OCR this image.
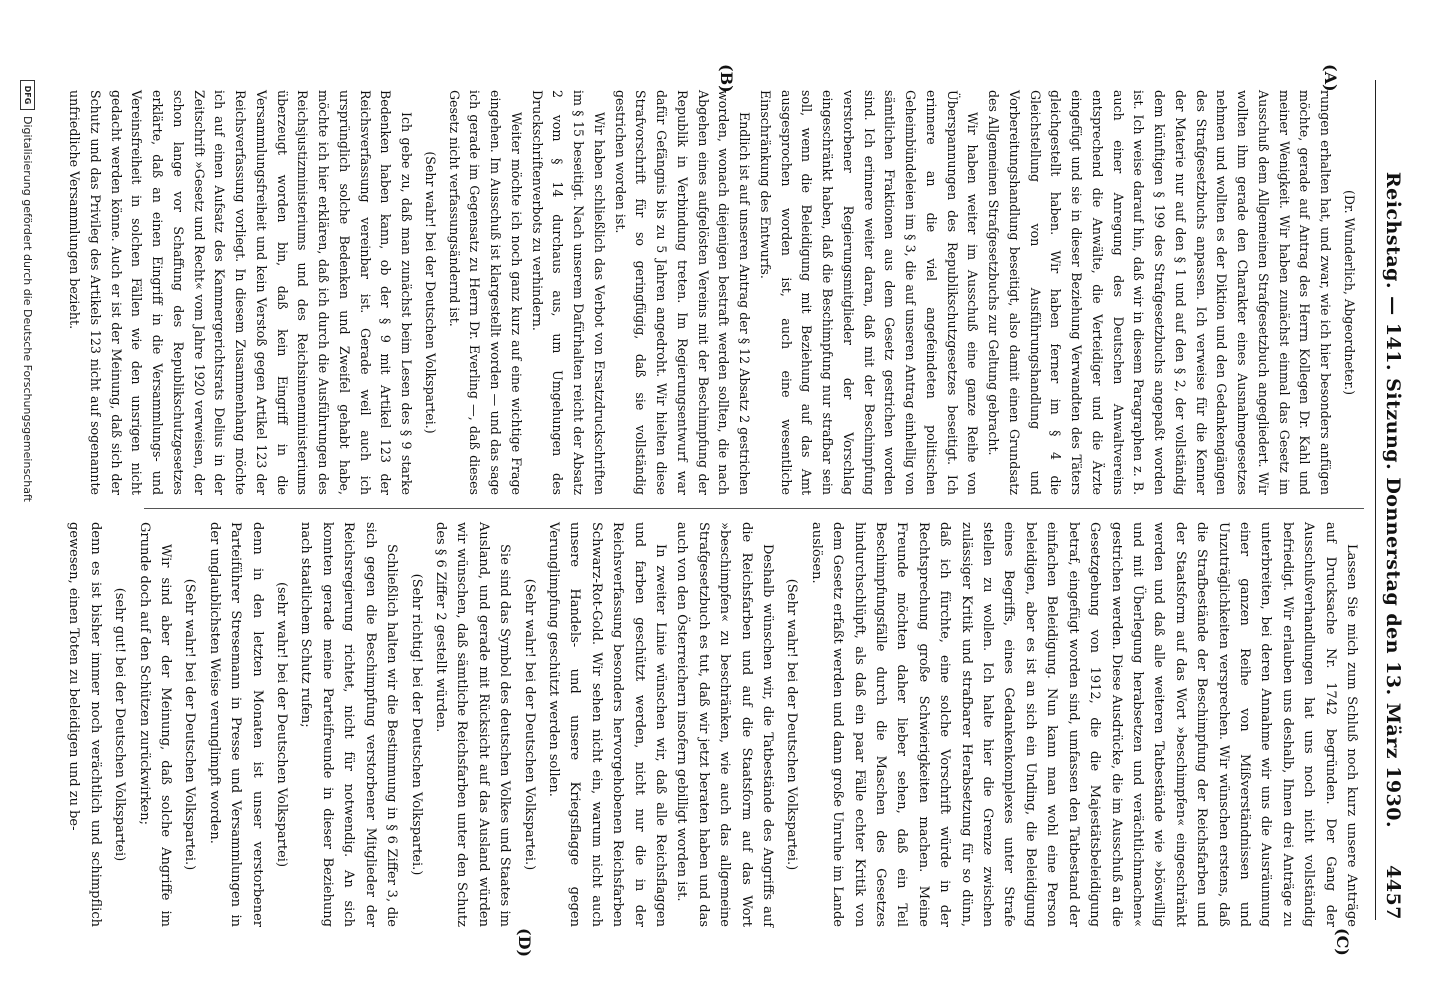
Reichstag. — 141. Sitzung. Donnerstag den 13. März 1930.
4457
(A)
(B)
(C)
(D)

(Dr. Wunderlich, Abgeordneter.)

rungen erhalten hat, und zwar, wie ich hier besonders anfügen möchte, gerade auf Antrag des Herrn Kollegen Dr. Kahl und meiner Wenigkeit. Wir haben zunächst einmal das Gesetz im Ausschuß dem Allgemeinen Strafgesetzbuch angegliedert. Wir wollten ihm gerade den Charakter eines Ausnahmegesetzes nehmen und wollten es der Diktion und den Gedankengängen des Strafgesetzbuchs anpassen. Ich verweise für die Kenner der Materie nur auf den § 1 und auf den § 2, der vollständig dem künftigen § 199 des Strafgesetzbuchs angepaßt worden ist. Ich weise darauf hin, daß wir in diesem Paragraphen z. B. auch einer Anregung des Deutschen Anwaltvereins entsprechend die Anwälte, die Verteidiger und die Ärzte eingefügt und sie in dieser Beziehung Verwandten des Täters gleichgestellt haben. Wir haben ferner im § 4 die Gleichstellung von Ausführungshandlung und Vorbereitungshandlung beseitigt, also damit einen Grundsatz des Allgemeinen Strafgesetzbuchs zur Geltung gebracht.

Wir haben weiter im Ausschuß eine ganze Reihe von Überspannungen des Republikschutzgesetzes beseitigt. Ich erinnere an die viel angefeindeten politischen Geheimbündeleien im § 3, die auf unseren Antrag einhellig von sämtlichen Fraktionen aus dem Gesetz gestrichen worden sind. Ich erinnere weiter daran, daß mit der Beschimpfung verstorbener Regierungsmitglieder der Vorschlag eingeschränkt haben, daß die Beschimpfung nur strafbar sein soll, wenn die Beleidigung mit Beziehung auf das Amt ausgesprochen worden ist, auch eine wesentliche Einschränkung des Entwurfs.

Endlich ist auf unseren Antrag der § 12 Absatz 2 gestrichen worden, wonach diejenigen bestraft werden sollten, die nach Abgehen eines aufgelösten Vereins mit der Beschimpfung der Republik in Verbindung treten. Im Regierungsentwurf war dafür Gefängnis bis zu 5 Jahren angedroht. Wir hielten diese Strafvorschrift für so geringfügig, daß sie vollständig gestrichen worden ist.

Wir haben schließlich das Verbot von Ersatzdruckschriften im § 15 beseitigt. Nach unserem Dafürhalten reicht der Absatz 2 vom § 14 durchaus aus, um Umgehungen des Druckschriftenverbots zu verhindern.

Weiter möchte ich noch ganz kurz auf eine wichtige Frage eingehen. Im Ausschuß ist klargestellt worden — und das sage ich gerade im Gegensatz zu Herrn Dr. Everling —, daß dieses Gesetz nicht verfassungsändernd ist.

(Sehr wahr! bei der Deutschen Volkspartei.)

Ich gebe zu, daß man zunächst beim Lesen des § 9 starke Bedenken haben kann, ob der § 9 mit Artikel 123 der Reichsverfassung vereinbar ist. Gerade weil auch ich ursprünglich solche Bedenken und Zweifel gehabt habe, möchte ich hier erklären, daß ich durch die Ausführungen des Reichsjustizministeriums und des Reichsinnenministeriums überzeugt worden bin, daß kein Eingriff in die Versammlungsfreiheit und kein Verstoß gegen Artikel 123 der Reichsverfassung vorliegt. In diesem Zusammenhang möchte ich auf einen Aufsatz des Kammergerichtsrats Delius in der Zeitschrift »Gesetz und Recht« vom Jahre 1920 verweisen, der schon lange vor Schaffung des Republikschutzgesetzes erklärte, daß an einen Eingriff in die Versammlungs- und Vereinsfreiheit in solchen Fällen wie den unsrigen nicht gedacht werden könne. Auch er ist der Meinung, daß sich der Schutz und das Privileg des Artikels 123 nicht auf sogenannte unfriedliche Versammlungen bezieht.

Lassen Sie mich zum Schluß noch kurz unsere Anträge auf Drucksache Nr. 1742 begründen. Der Gang der Ausschußverhandlungen hat uns noch nicht vollständig befriedigt. Wir erlauben uns deshalb, Ihnen drei Anträge zu unterbreiten, bei deren Annahme wir uns die Ausräumung einer ganzen Reihe von Mißverständnissen und Unzuträglichkeiten versprechen. Wir wünschen erstens, daß die Strafbestände der Beschimpfung der Reichsfarben und der Staatsform auf das Wort »beschimpfen« eingeschränkt werden und daß alle weiteren Tatbestände wie »böswillig und mit Überlegung herabsetzen und verächtlichmachen« gestrichen werden. Diese Ausdrücke, die im Ausschuß an die Gesetzgebung von 1912, die die Majestätsbeleidigung betraf, eingefügt worden sind, umfassen den Tatbestand der einfachen Beleidigung. Nun kann man wohl eine Person beleidigen, aber es ist an sich ein Unding, die Beleidigung eines Begriffs, eines Gedankenkomplexes unter Strafe stellen zu wollen. Ich halte hier die Grenze zwischen zulässiger Kritik und strafbarer Herabsetzung für so dünn, daß ich fürchte, eine solche Vorschrift würde in der Rechtsprechung große Schwierigkeiten machen. Meine Freunde möchten daher lieber sehen, daß ein Teil Beschimpfungsfälle durch die Maschen des Gesetzes hindurchschlüpft, als daß ein paar Fälle echter Kritik von dem Gesetz erfaßt werden und dann große Unruhe im Lande auslösen.

(Sehr wahr! bei der Deutschen Volkspartei.)

Deshalb wünschen wir, die Tatbestände des Angriffs auf die Reichsfarben und auf die Staatsform auf das Wort »beschimpfen« zu beschränken, wie auch das allgemeine Strafgesetzbuch es tut, daß wir jetzt beraten haben und das auch von den Österreichern insofern gebilligt worden ist.

In zweiter Linie wünschen wir, daß alle Reichsflaggen und farben geschützt werden, nicht nur die in der Reichsverfassung besonders hervorgehobenen Reichsfarben Schwarz-Rot-Gold. Wir sehen nicht ein, warum nicht auch unsere Handels- und unsere Kriegsflagge gegen Verunglimpfung geschützt werden sollen.

(Sehr wahr! bei der Deutschen Volkspartei.)

Sie sind das Symbol des deutschen Volkes und Staates im Ausland, und gerade mit Rücksicht auf das Ausland würden wir wünschen, daß sämtliche Reichsfarben unter den Schutz des § 6 Ziffer 2 gestellt würden.

(Sehr richtig! bei der Deutschen Volkspartei.)

Schließlich halten wir die Bestimmung in § 6 Ziffer 3, die sich gegen die Beschimpfung verstorbener Mitglieder der Reichsregierung richtet, nicht für notwendig. An sich konnten gerade meine Parteifreunde in dieser Beziehung nach staatlichem Schutz rufen;

(sehr wahr! bei der Deutschen Volkspartei)

denn in den letzten Monaten ist unser verstorbener Parteiführer Stresemann in Presse und Versammlungen in der unglaublichsten Weise verunglimpft worden.

(Sehr wahr! bei der Deutschen Volkspartei.)

Wir sind aber der Meinung, daß solche Angriffe im Grunde doch auf den Schützen zurückwirken;

(sehr gut! bei der Deutschen Volkspartei)

denn es ist bisher immer noch verächtlich und schimpflich gewesen, einen Toten zu beleidigen und zu be-

DFG
Digitalisierung gefördert durch die Deutsche Forschungsgemeinschaft
